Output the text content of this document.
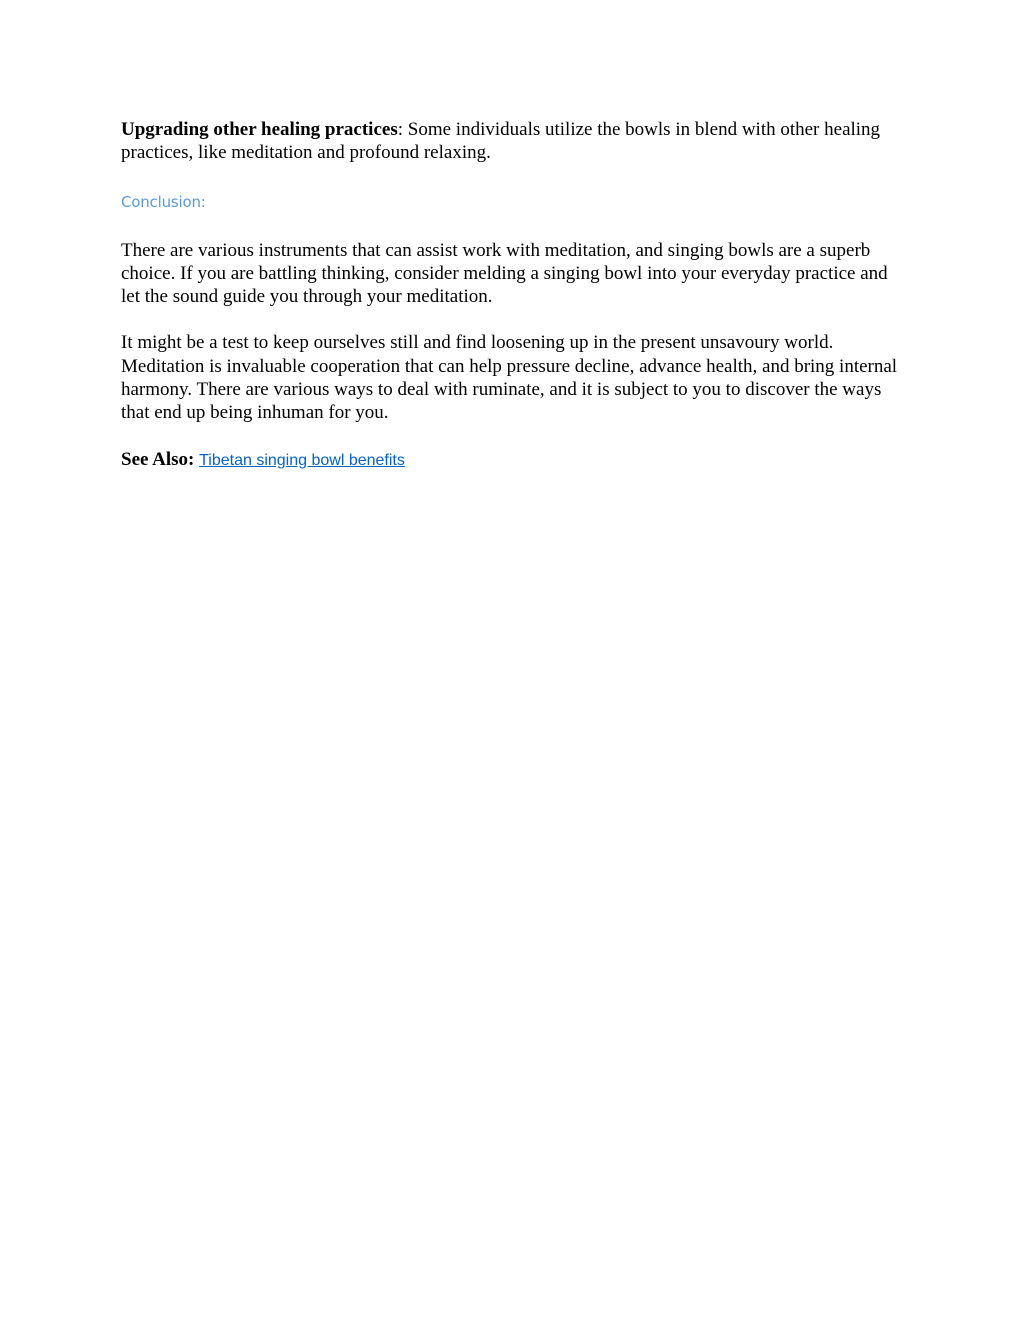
Upgrading other healing practices: Some individuals utilize the bowls in blend with other healing practices, like meditation and profound relaxing.

Conclusion:

There are various instruments that can assist work with meditation, and singing bowls are a superb choice. If you are battling thinking, consider melding a singing bowl into your everyday practice and let the sound guide you through your meditation.

It might be a test to keep ourselves still and find loosening up in the present unsavoury world. Meditation is invaluable cooperation that can help pressure decline, advance health, and bring internal harmony. There are various ways to deal with ruminate, and it is subject to you to discover the ways that end up being inhuman for you.

See Also: Tibetan singing bowl benefits
